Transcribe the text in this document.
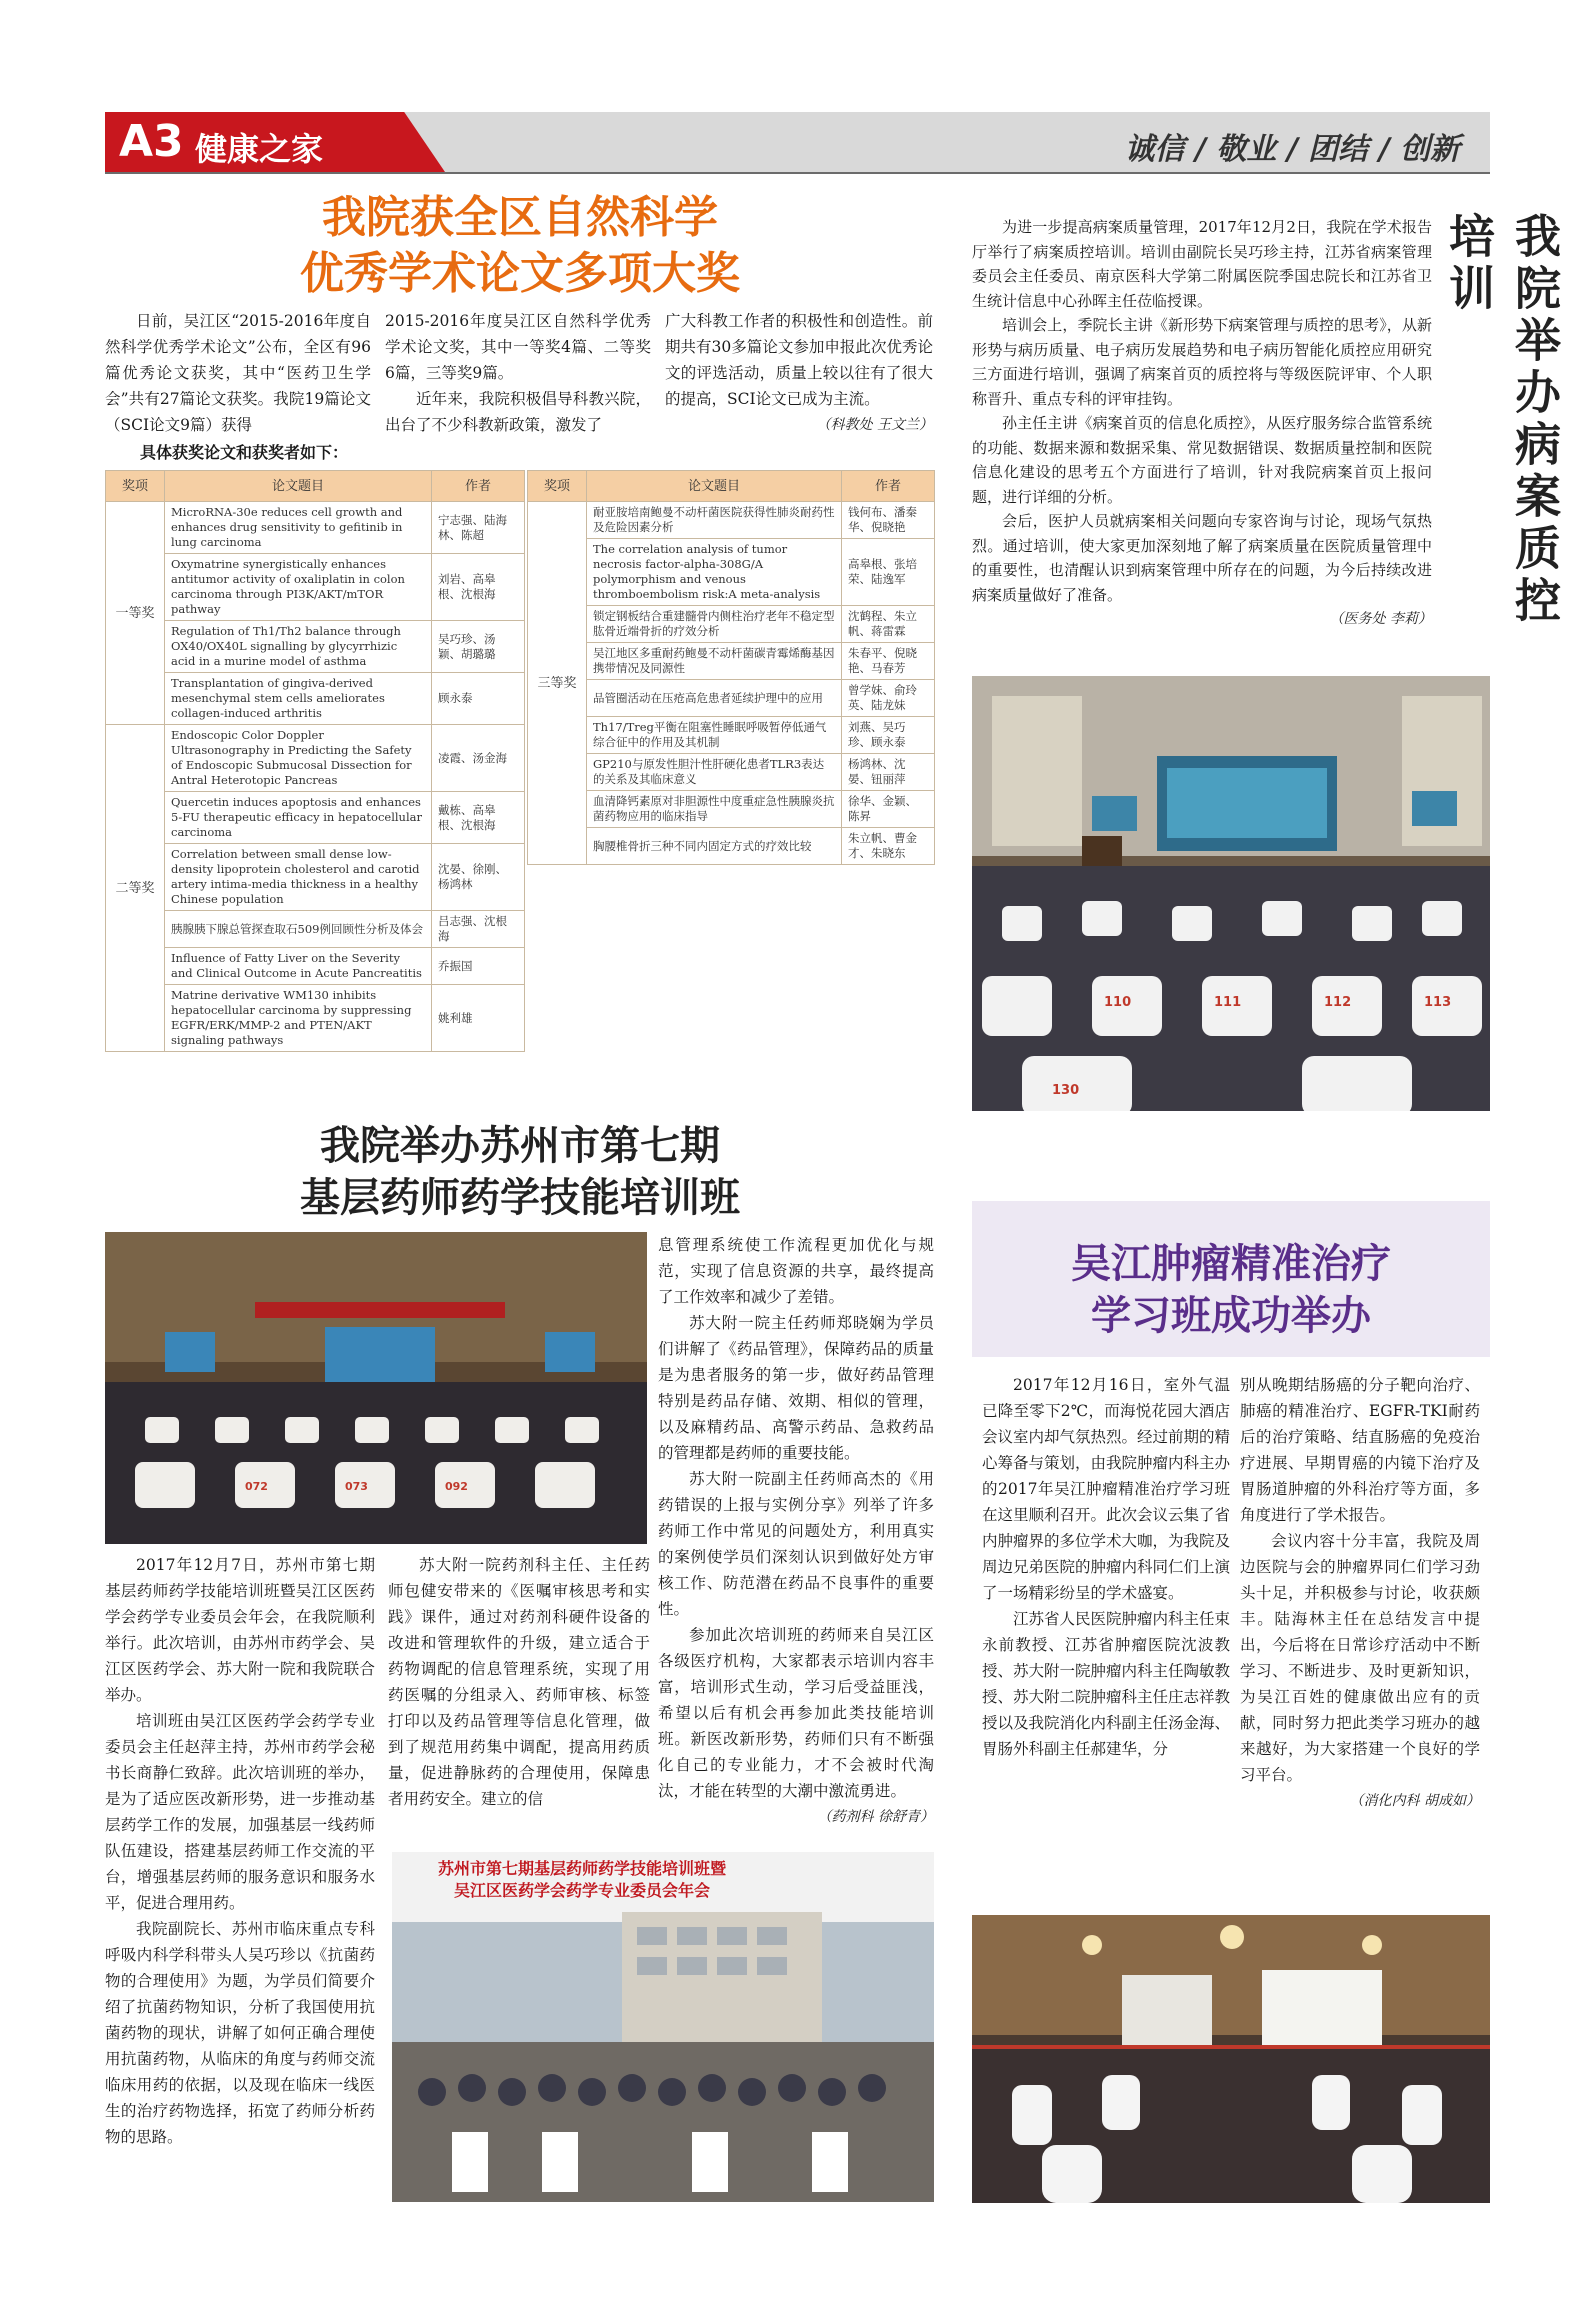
A3 健康之家	诚信 / 敬业 / 团结 / 创新
我院获全区自然科学
优秀学术论文多项大奖

日前，吴江区“2015-2016年度自然科学优秀学术论文”公布，全区有96篇优秀论文获奖，其中“医药卫生学会”共有27篇论文获奖。我院19篇论文（SCI论文9篇）获得

2015-2016年度吴江区自然科学优秀学术论文奖，其中一等奖4篇、二等奖6篇，三等奖9篇。

近年来，我院积极倡导科教兴院，出台了不少科教新政策，激发了

广大科教工作者的积极性和创造性。前期共有30多篇论文参加申报此次优秀论文的评选活动，质量上较以往有了很大的提高，SCI论文已成为主流。

（科教处 王文兰）
具体获奖论文和获奖者如下：
奖项	论文题目	作者
一等奖	MicroRNA-30e reduces cell growth and enhances drug sensitivity to gefitinib in lung carcinoma	宁志强、陆海林、陈超
	Oxymatrine synergistically enhances antitumor activity of oxaliplatin in colon carcinoma through PI3K/AKT/mTOR pathway	刘岩、高皋根、沈根海
	Regulation of Th1/Th2 balance through OX40/OX40L signalling by glycyrrhizic acid in a murine model of asthma	吴巧珍、汤颖、胡璐璐
	Transplantation of gingiva-derived mesenchymal stem cells ameliorates collagen-induced arthritis	顾永泰
二等奖	Endoscopic Color Doppler Ultrasonography in Predicting the Safety of Endoscopic Submucosal Dissection for Antral Heterotopic Pancreas	凌霞、汤金海
	Quercetin induces apoptosis and enhances 5-FU therapeutic efficacy in hepatocellular carcinoma	戴栋、高皋根、沈根海
	Correlation between small dense low-density lipoprotein cholesterol and carotid artery intima-media thickness in a healthy Chinese population	沈晏、徐刚、杨鸿林
	胰腺胰下腺总管探查取石509例回顾性分析及体会	吕志强、沈根海
	Influence of Fatty Liver on the Severity and Clinical Outcome in Acute Pancreatitis	乔振国
	Matrine derivative WM130 inhibits hepatocellular carcinoma by suppressing EGFR/ERK/MMP-2 and PTEN/AKT signaling pathways	姚利雄
奖项	论文题目	作者
三等奖	耐亚胺培南鲍曼不动杆菌医院获得性肺炎耐药性及危险因素分析	钱何布、潘秦华、倪晓艳
	The correlation analysis of tumor necrosis factor-alpha-308G/A polymorphism and venous thromboembolism risk:A meta-analysis	高皋根、张培荣、陆逸军
	锁定钢板结合重建髓骨内侧柱治疗老年不稳定型肱骨近端骨折的疗效分析	沈鹤程、朱立帆、蒋雷霖
	吴江地区多重耐药鲍曼不动杆菌碳青霉烯酶基因携带情况及同源性	朱春平、倪晓艳、马春芳
	品管圈活动在压疮高危患者延续护理中的应用	曾学妹、俞玲英、陆龙妹
	Th17/Treg平衡在阻塞性睡眠呼吸暂停低通气综合征中的作用及其机制	刘燕、吴巧珍、顾永泰
	GP210与原发性胆汁性肝硬化患者TLR3表达的关系及其临床意义	杨鸿林、沈晏、钮丽萍
	血清降钙素原对非胆源性中度重症急性胰腺炎抗菌药物应用的临床指导	徐华、金颖、陈昇
	胸腰椎骨折三种不同内固定方式的疗效比较	朱立帆、曹金才、朱晓东

为进一步提高病案质量管理，2017年12月2日，我院在学术报告厅举行了病案质控培训。培训由副院长吴巧珍主持，江苏省病案管理委员会主任委员、南京医科大学第二附属医院季国忠院长和江苏省卫生统计信息中心孙晖主任莅临授课。

培训会上，季院长主讲《新形势下病案管理与质控的思考》，从新形势与病历质量、电子病历发展趋势和电子病历智能化质控应用研究三方面进行培训，强调了病案首页的质控将与等级医院评审、个人职称晋升、重点专科的评审挂钩。

孙主任主讲《病案首页的信息化质控》，从医疗服务综合监管系统的功能、数据来源和数据采集、常见数据错误、数据质量控制和医院信息化建设的思考五个方面进行了培训，针对我院病案首页上报问题，进行详细的分析。

会后，医护人员就病案相关问题向专家咨询与讨论，现场气氛热烈。通过培训，使大家更加深刻地了解了病案质量在医院质量管理中的重要性，也清醒认识到病案管理中所存在的问题，为今后持续改进病案质量做好了准备。

（医务处 李莉）	我院举办病案质控培训
110	111	112	113
130
我院举办苏州市第七期
基层药师药学技能培训班
072	073	092

息管理系统使工作流程更加优化与规范，实现了信息资源的共享，最终提高了工作效率和减少了差错。

苏大附一院主任药师郑晓娴为学员们讲解了《药品管理》，保障药品的质量是为患者服务的第一步，做好药品管理特别是药品存储、效期、相似的管理，以及麻精药品、高警示药品、急救药品的管理都是药师的重要技能。

苏大附一院副主任药师高杰的《用药错误的上报与实例分享》列举了许多药师工作中常见的问题处方，利用真实的案例使学员们深刻认识到做好处方审核工作、防范潜在药品不良事件的重要性。

参加此次培训班的药师来自吴江区各级医疗机构，大家都表示培训内容丰富，培训形式生动，学习后受益匪浅，希望以后有机会再参加此类技能培训班。新医改新形势，药师们只有不断强化自己的专业能力，才不会被时代淘汰，才能在转型的大潮中激流勇进。

（药剂科 徐舒青）

2017年12月7日，苏州市第七期基层药师药学技能培训班暨吴江区医药学会药学专业委员会年会，在我院顺利举行。此次培训，由苏州市药学会、吴江区医药学会、苏大附一院和我院联合举办。

培训班由吴江区医药学会药学专业委员会主任赵萍主持，苏州市药学会秘书长商静仁致辞。此次培训班的举办，是为了适应医改新形势，进一步推动基层药学工作的发展，加强基层一线药师队伍建设，搭建基层药师工作交流的平台，增强基层药师的服务意识和服务水平，促进合理用药。

我院副院长、苏州市临床重点专科呼吸内科学科带头人吴巧珍以《抗菌药物的合理使用》为题，为学员们简要介绍了抗菌药物知识，分析了我国使用抗菌药物的现状，讲解了如何正确合理使用抗菌药物，从临床的角度与药师交流临床用药的依据，以及现在临床一线医生的治疗药物选择，拓宽了药师分析药物的思路。

苏大附一院药剂科主任、主任药师包健安带来的《医嘱审核思考和实践》课件，通过对药剂科硬件设备的改进和管理软件的升级，建立适合于药物调配的信息管理系统，实现了用药医嘱的分组录入、药师审核、标签打印以及药品管理等信息化管理，做到了规范用药集中调配，提高用药质量，促进静脉药的合理使用，保障患者用药安全。建立的信

苏州市第七期基层药师药学技能培训班暨吴江区医药学会药学专业委员会年会
吴江肿瘤精准治疗
学习班成功举办

2017年12月16日，室外气温已降至零下2℃，而海悦花园大酒店会议室内却气氛热烈。经过前期的精心筹备与策划，由我院肿瘤内科主办的2017年吴江肿瘤精准治疗学习班在这里顺利召开。此次会议云集了省内肿瘤界的多位学术大咖，为我院及周边兄弟医院的肿瘤内科同仁们上演了一场精彩纷呈的学术盛宴。

江苏省人民医院肿瘤内科主任束永前教授、江苏省肿瘤医院沈波教授、苏大附一院肿瘤内科主任陶敏教授、苏大附二院肿瘤科主任庄志祥教授以及我院消化内科副主任汤金海、胃肠外科副主任郝建华，分

别从晚期结肠癌的分子靶向治疗、肺癌的精准治疗、EGFR-TKI耐药后的治疗策略、结直肠癌的免疫治疗进展、早期胃癌的内镜下治疗及胃肠道肿瘤的外科治疗等方面，多角度进行了学术报告。

会议内容十分丰富，我院及周边医院与会的肿瘤界同仁们学习劲头十足，并积极参与讨论，收获颇丰。陆海林主任在总结发言中提出，今后将在日常诊疗活动中不断学习、不断进步、及时更新知识，为吴江百姓的健康做出应有的贡献，同时努力把此类学习班办的越来越好，为大家搭建一个良好的学习平台。

（消化内科 胡成如）
